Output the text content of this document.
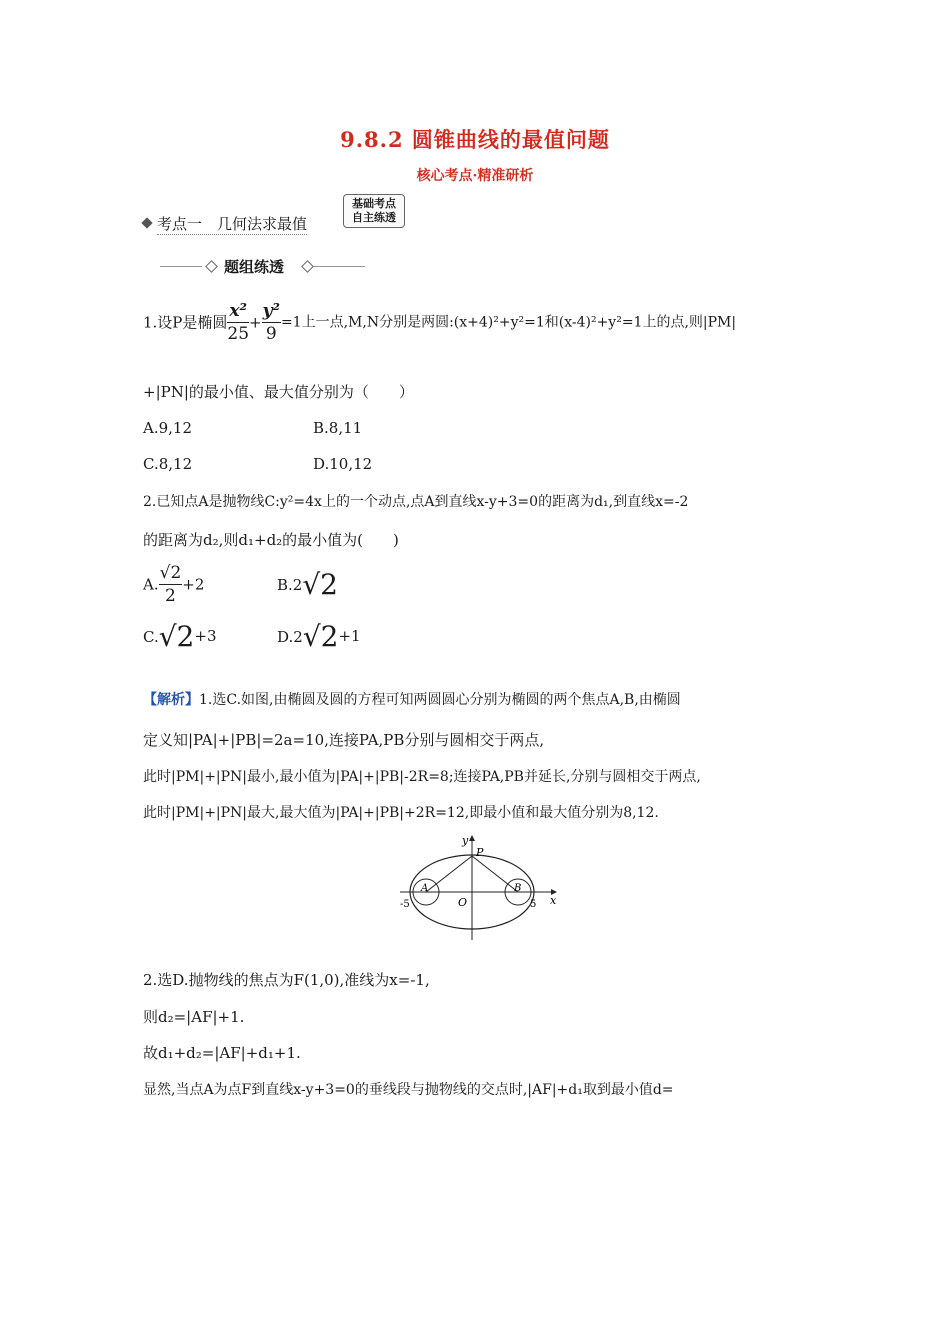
9.8.2 圆锥曲线的最值问题
核心考点·精准研析
考点一　几何法求最值
基础考点
自主练透
题组练透
1.设P是椭圆 $\frac{\text{x²}}{25} + \frac{\text{y²}}{9} =1$上一点,M,N分别是两圆:(x+4)²+y²=1和(x-4)²+y²=1上的点,则|PM|
+|PN|的最小值、最大值分别为（　　）
A.9,12	B.8,11
C.8,12	D.10,12
2.已知点A是抛物线C:y²=4x上的一个动点,点A到直线x-y+3=0的距离为d₁,到直线x=-2
的距离为d₂,则d₁+d₂的最小值为(　　)
A. $\frac{√2}{2} +2$	B.2√2
C.√2+3	D.2√2+1
【解析】1.选C.如图,由椭圆及圆的方程可知两圆圆心分别为椭圆的两个焦点A,B,由椭圆
定义知|PA|+|PB|=2a=10,连接PA,PB分别与圆相交于两点,
此时|PM|+|PN|最小,最小值为|PA|+|PB|-2R=8;连接PA,PB并延长,分别与圆相交于两点,
此时|PM|+|PN|最大,最大值为|PA|+|PB|+2R=12,即最小值和最大值分别为8,12.
y
x
P
A	B
O
-5	5
2.选D.抛物线的焦点为F(1,0),准线为x=-1,
则d₂=|AF|+1.
故d₁+d₂=|AF|+d₁+1.
显然,当点A为点F到直线x-y+3=0的垂线段与抛物线的交点时,|AF|+d₁取到最小值d=
